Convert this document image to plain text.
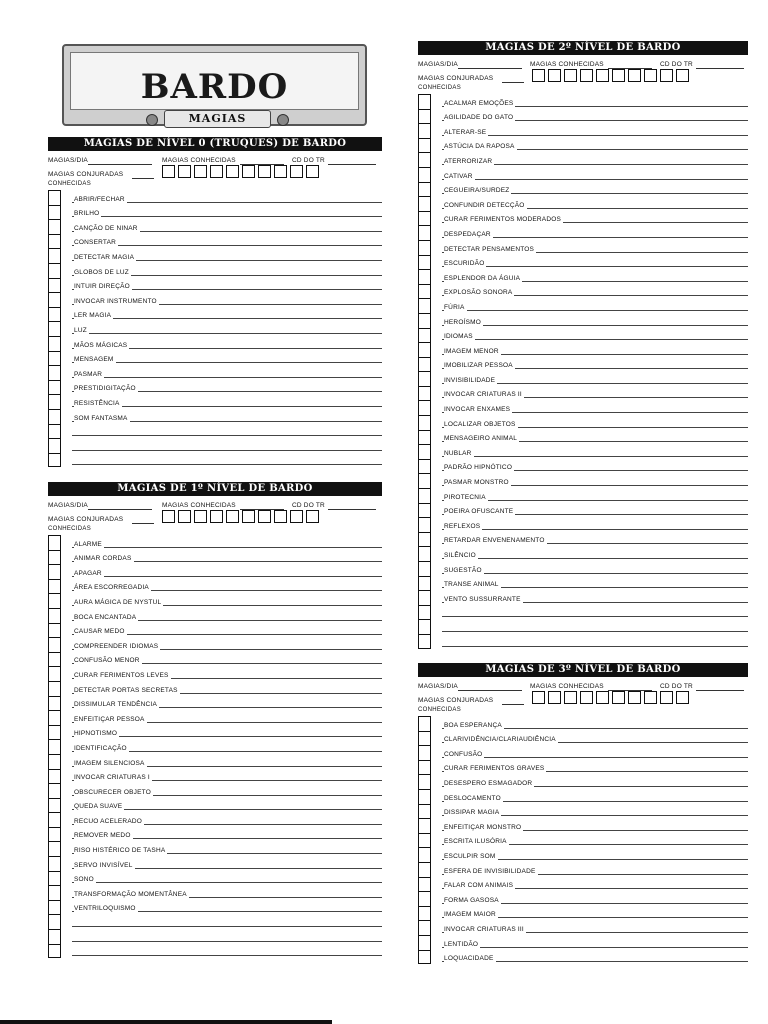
BARDO
MAGIAS
MAGIAS DE NÍVEL 0 (TRUQUES) DE BARDO
MAGIAS/DIA	MAGIAS CONHECIDAS	CD DO TR
MAGIAS CONJURADAS
CONHECIDAS
ABRIR/FECHAR
BRILHO
CANÇÃO DE NINAR
CONSERTAR
DETECTAR MAGIA
GLOBOS DE LUZ
INTUIR DIREÇÃO
INVOCAR INSTRUMENTO
LER MAGIA
LUZ
MÃOS MÁGICAS
MENSAGEM
PASMAR
PRESTIDIGITAÇÃO
RESISTÊNCIA
SOM FANTASMA
MAGIAS DE 1º NÍVEL DE BARDO
MAGIAS/DIA	MAGIAS CONHECIDAS	CD DO TR
MAGIAS CONJURADAS
CONHECIDAS
ALARME
ANIMAR CORDAS
APAGAR
ÁREA ESCORREGADIA
AURA MÁGICA DE NYSTUL
BOCA ENCANTADA
CAUSAR MEDO
COMPREENDER IDIOMAS
CONFUSÃO MENOR
CURAR FERIMENTOS LEVES
DETECTAR PORTAS SECRETAS
DISSIMULAR TENDÊNCIA
ENFEITIÇAR PESSOA
HIPNOTISMO
IDENTIFICAÇÃO
IMAGEM SILENCIOSA
INVOCAR CRIATURAS I
OBSCURECER OBJETO
QUEDA SUAVE
RECUO ACELERADO
REMOVER MEDO
RISO HISTÉRICO DE TASHA
SERVO INVISÍVEL
SONO
TRANSFORMAÇÃO MOMENTÂNEA
VENTRILOQUISMO
MAGIAS DE 2º NÍVEL DE BARDO
MAGIAS/DIA	MAGIAS CONHECIDAS	CD DO TR
MAGIAS CONJURADAS
CONHECIDAS
ACALMAR EMOÇÕES
AGILIDADE DO GATO
ALTERAR-SE
ASTÚCIA DA RAPOSA
ATERRORIZAR
CATIVAR
CEGUEIRA/SURDEZ
CONFUNDIR DETECÇÃO
CURAR FERIMENTOS MODERADOS
DESPEDAÇAR
DETECTAR PENSAMENTOS
ESCURIDÃO
ESPLENDOR DA ÁGUIA
EXPLOSÃO SONORA
FÚRIA
HEROÍSMO
IDIOMAS
IMAGEM MENOR
IMOBILIZAR PESSOA
INVISIBILIDADE
INVOCAR CRIATURAS II
INVOCAR ENXAMES
LOCALIZAR OBJETOS
MENSAGEIRO ANIMAL
NUBLAR
PADRÃO HIPNÓTICO
PASMAR MONSTRO
PIROTECNIA
POEIRA OFUSCANTE
REFLEXOS
RETARDAR ENVENENAMENTO
SILÊNCIO
SUGESTÃO
TRANSE ANIMAL
VENTO SUSSURRANTE
MAGIAS DE 3º NÍVEL DE BARDO
MAGIAS/DIA	MAGIAS CONHECIDAS	CD DO TR
MAGIAS CONJURADAS
CONHECIDAS
BOA ESPERANÇA
CLARIVIDÊNCIA/CLARIAUDIÊNCIA
CONFUSÃO
CURAR FERIMENTOS GRAVES
DESESPERO ESMAGADOR
DESLOCAMENTO
DISSIPAR MAGIA
ENFEITIÇAR MONSTRO
ESCRITA ILUSÓRIA
ESCULPIR SOM
ESFERA DE INVISIBILIDADE
FALAR COM ANIMAIS
FORMA GASOSA
IMAGEM MAIOR
INVOCAR CRIATURAS III
LENTIDÃO
LOQUACIDADE
